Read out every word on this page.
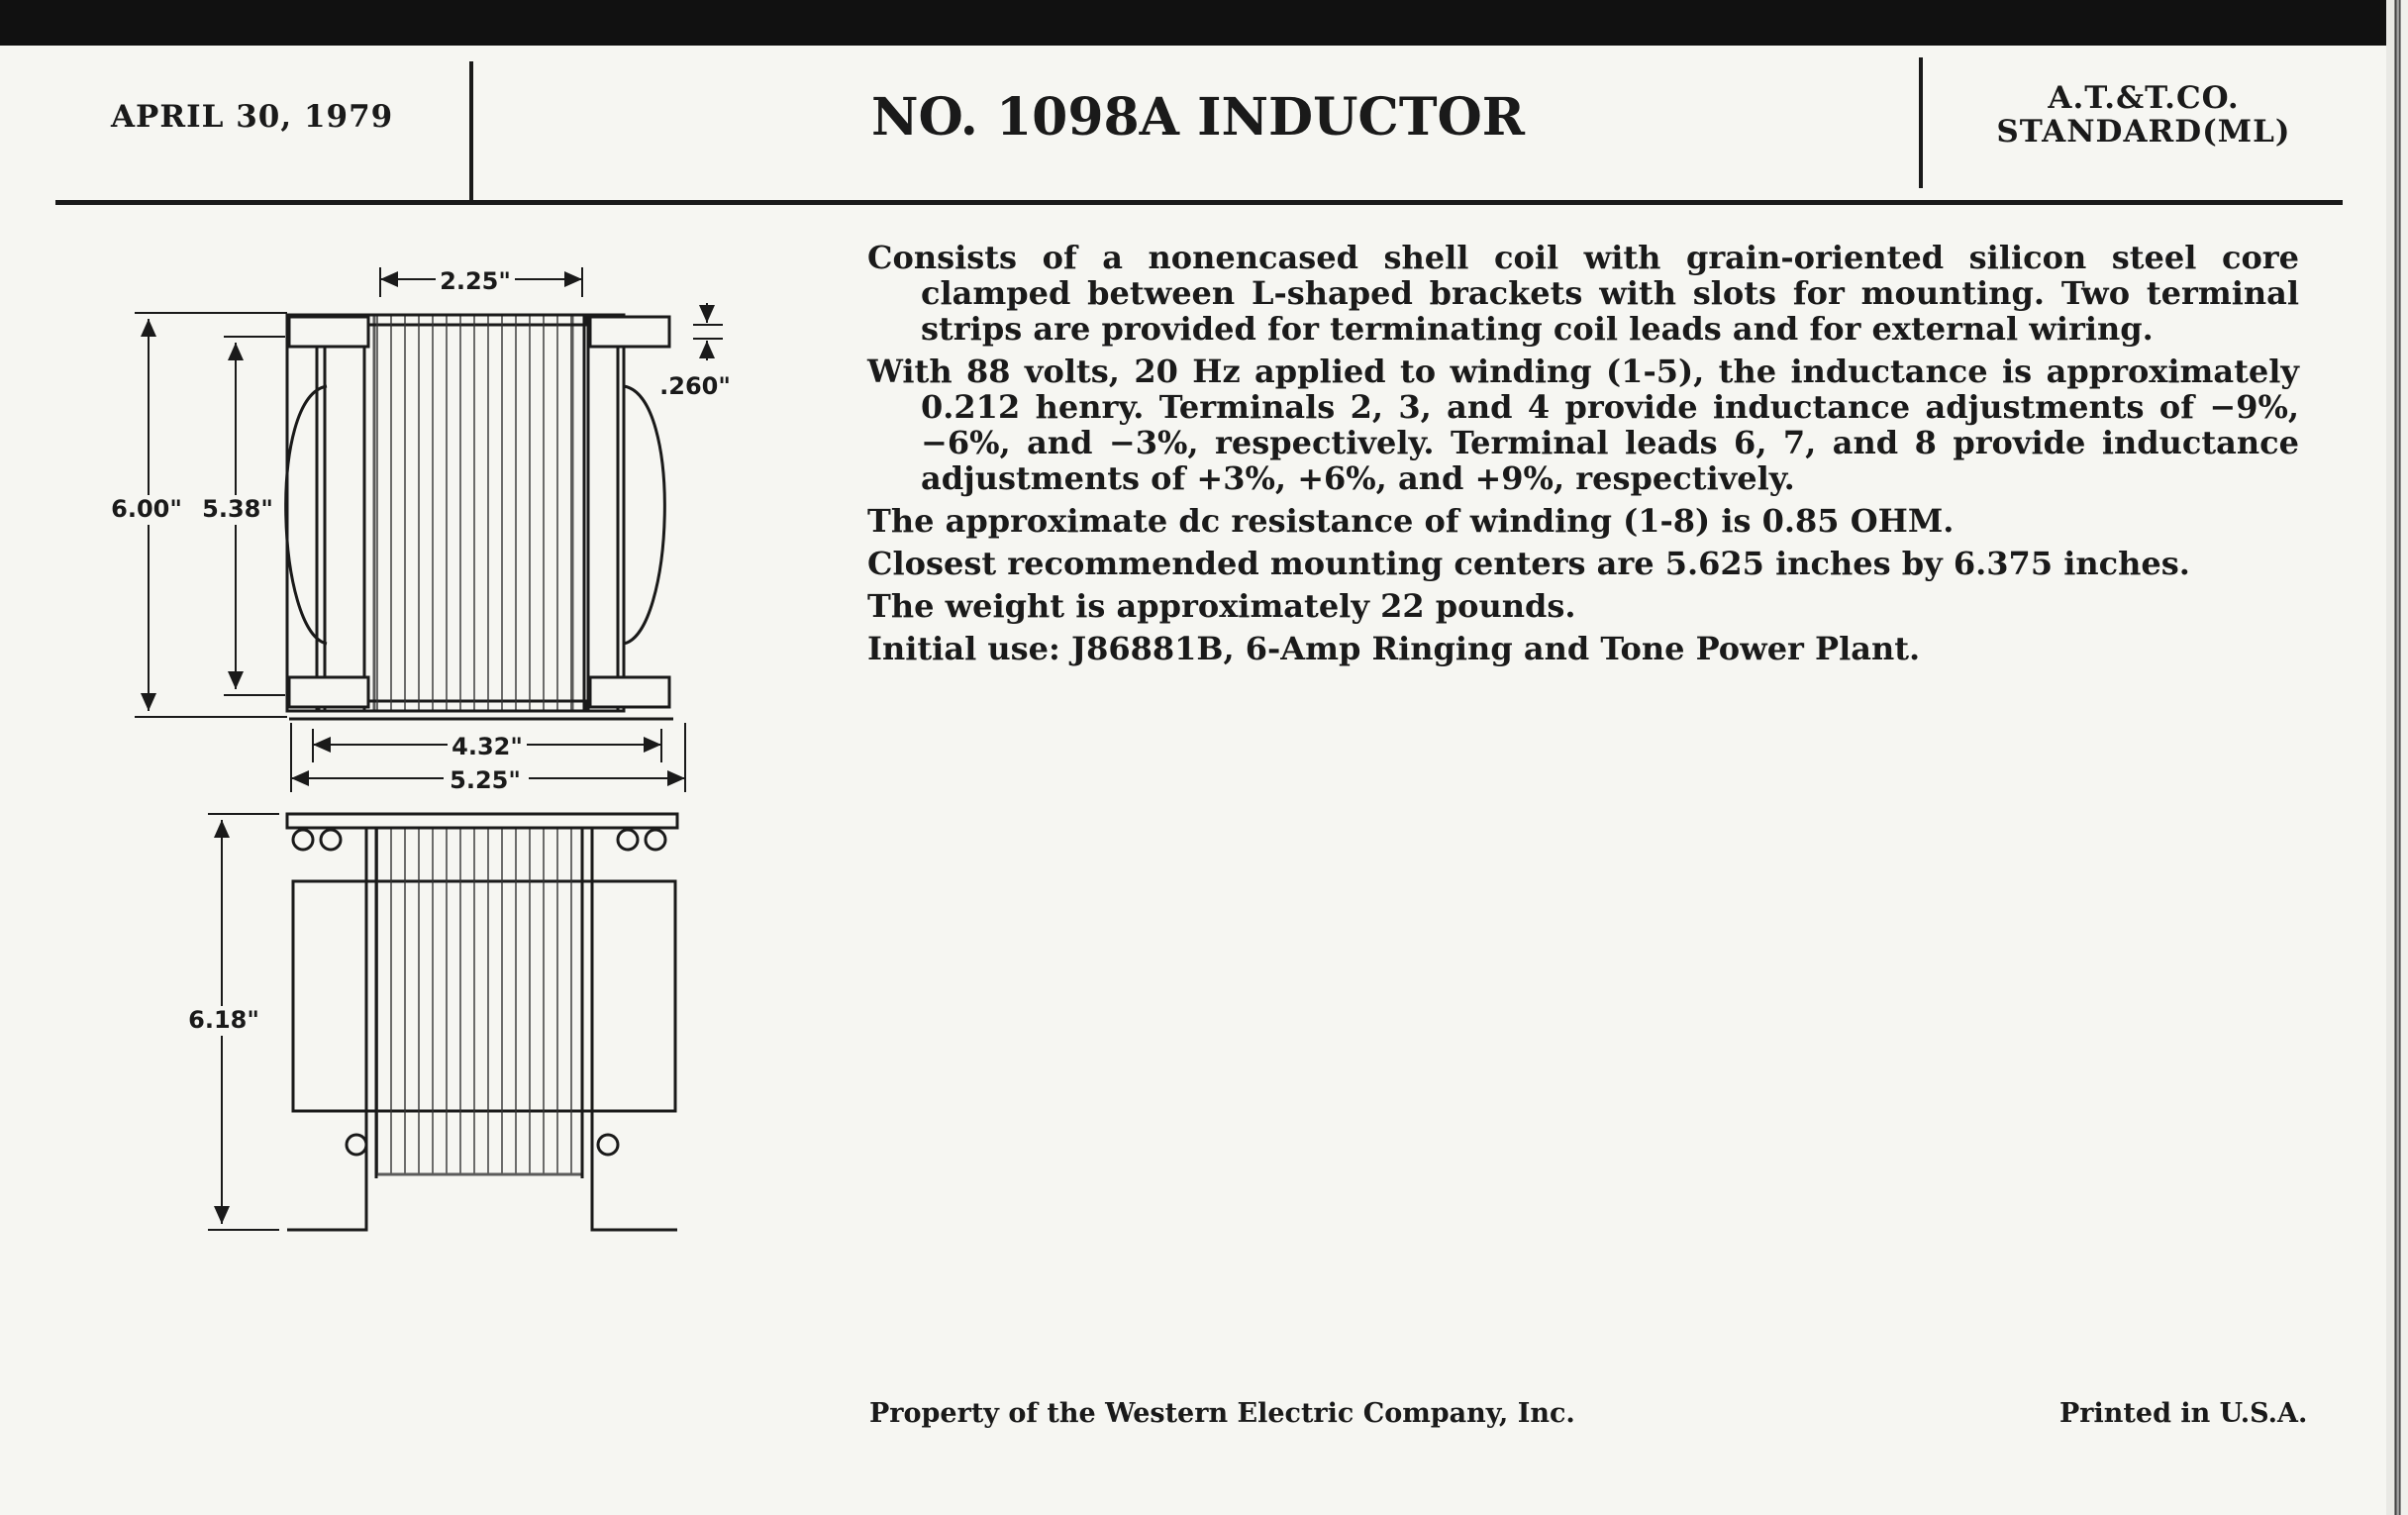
APRIL 30, 1979	NO. 1098A INDUCTOR	A.T.&T.CO.
STANDARD(ML)
2.25"
.260"
6.00" 5.38"
4.32"
5.25"
6.18"

Consists of a nonencased shell coil with grain-oriented silicon steel core clamped between L-shaped brackets with slots for mounting. Two terminal strips are provided for terminating coil leads and for external wiring.

With 88 volts, 20 Hz applied to winding (1-5), the inductance is approximately 0.212 henry. Terminals 2, 3, and 4 provide inductance adjustments of −9%, −6%, and −3%, respectively. Terminal leads 6, 7, and 8 provide inductance adjustments of +3%, +6%, and +9%, respectively.

The approximate dc resistance of winding (1-8) is 0.85 OHM.

Closest recommended mounting centers are 5.625 inches by 6.375 inches.

The weight is approximately 22 pounds.

Initial use: J86881B, 6-Amp Ringing and Tone Power Plant.

Property of the Western Electric Company, Inc.	Printed in U.S.A.
